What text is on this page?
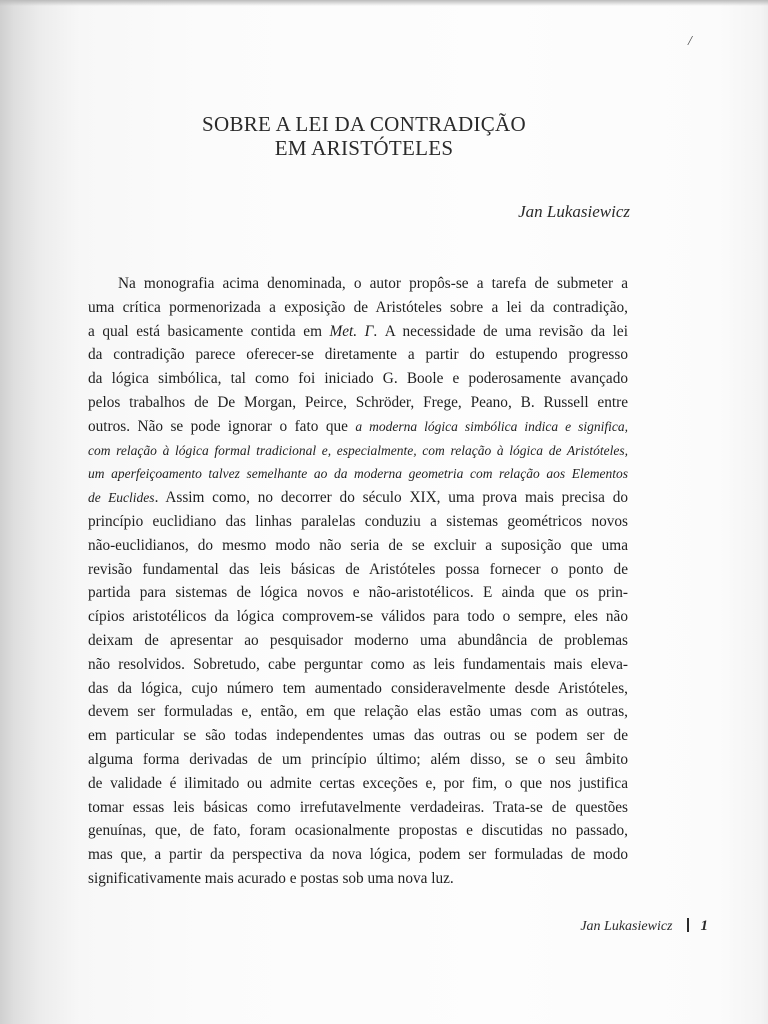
/
SOBRE A LEI DA CONTRADIÇÃO
EM ARISTÓTELES
Jan Lukasiewicz
Na monografia acima denominada, o autor propôs-se a tarefa de submeter a
uma crítica pormenorizada a exposição de Aristóteles sobre a lei da contradição,
a qual está basicamente contida em Met. Γ. A necessidade de uma revisão da lei
da contradição parece oferecer-se diretamente a partir do estupendo progresso
da lógica simbólica, tal como foi iniciado G. Boole e poderosamente avançado
pelos trabalhos de De Morgan, Peirce, Schröder, Frege, Peano, B. Russell entre
outros. Não se pode ignorar o fato que a moderna lógica simbólica indica e significa,
com relação à lógica formal tradicional e, especialmente, com relação à lógica de Aristóteles,
um aperfeiçoamento talvez semelhante ao da moderna geometria com relação aos Elementos
de Euclides. Assim como, no decorrer do século XIX, uma prova mais precisa do
princípio euclidiano das linhas paralelas conduziu a sistemas geométricos novos
não-euclidianos, do mesmo modo não seria de se excluir a suposição que uma
revisão fundamental das leis básicas de Aristóteles possa fornecer o ponto de
partida para sistemas de lógica novos e não-aristotélicos. E ainda que os prin-
cípios aristotélicos da lógica comprovem-se válidos para todo o sempre, eles não
deixam de apresentar ao pesquisador moderno uma abundância de problemas
não resolvidos. Sobretudo, cabe perguntar como as leis fundamentais mais eleva-
das da lógica, cujo número tem aumentado consideravelmente desde Aristóteles,
devem ser formuladas e, então, em que relação elas estão umas com as outras,
em particular se são todas independentes umas das outras ou se podem ser de
alguma forma derivadas de um princípio último; além disso, se o seu âmbito
de validade é ilimitado ou admite certas exceções e, por fim, o que nos justifica
tomar essas leis básicas como irrefutavelmente verdadeiras. Trata-se de questões
genuínas, que, de fato, foram ocasionalmente propostas e discutidas no passado,
mas que, a partir da perspectiva da nova lógica, podem ser formuladas de modo
significativamente mais acurado e postas sob uma nova luz.
Jan Lukasiewicz 1
